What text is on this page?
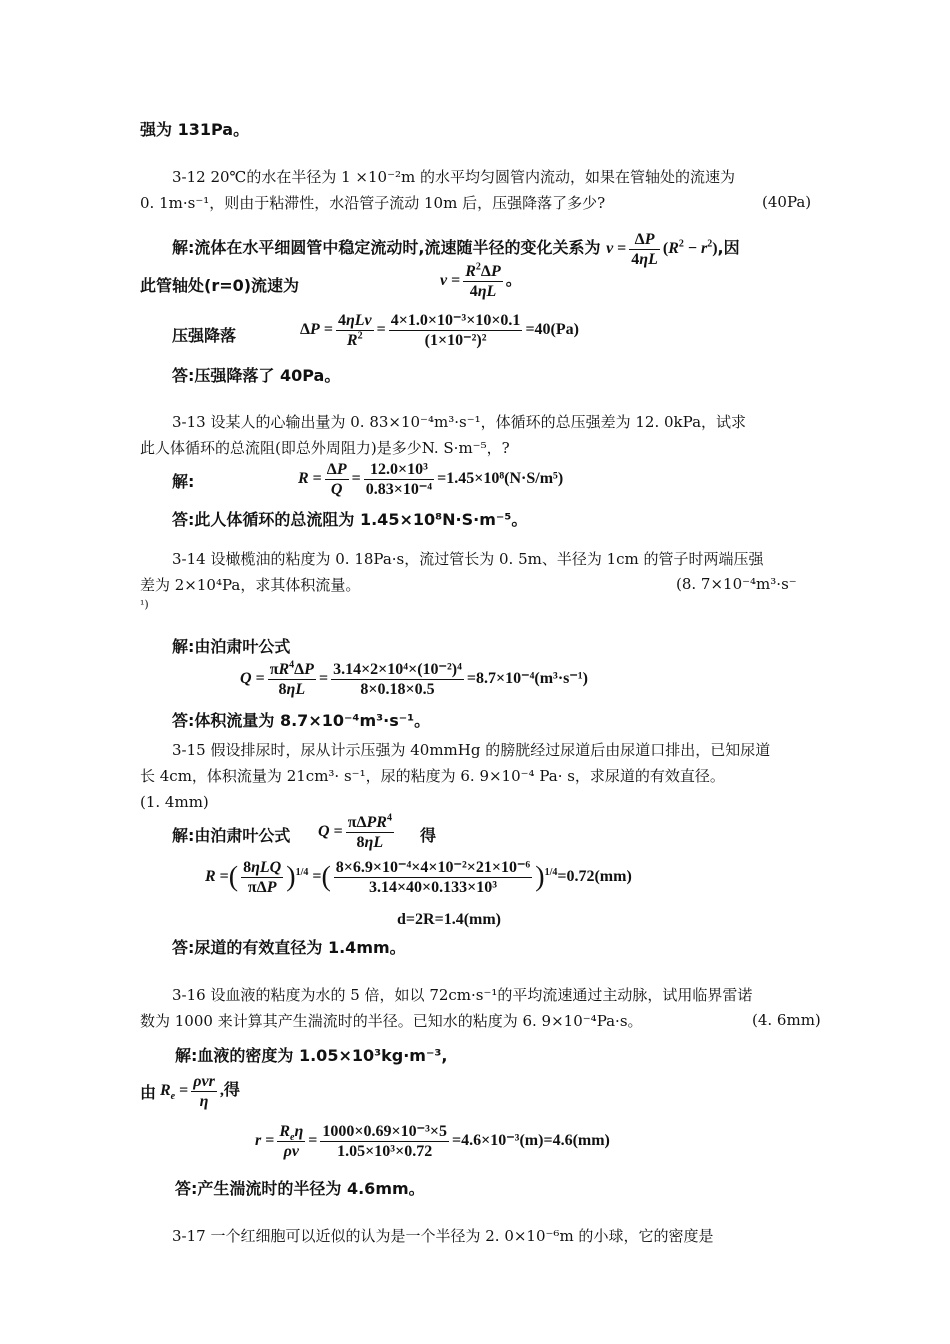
强为 131Pa。
3-12 20℃的水在半径为 1 ×10⁻²m 的水平均匀圆管内流动，如果在管轴处的流速为
0. 1m·s⁻¹，则由于粘滞性，水沿管子流动 10m 后，压强降落了多少?	(40Pa)
解:流体在水平细圆管中稳定流动时,流速随半径的变化关系为 $v = \frac{\Delta P}{4\eta L} (R^2 - r^2)$,因
此管轴处(r=0)流速为	$v = \frac{R^2\Delta P}{4\eta L}$ 。
压强降落	$\Delta P = \frac{\text{4ηLv}}{R^2} = \frac{\text{4×1.0×10⁻³×10×0.1}}{\text{(1×10⁻²)²}} =40(Pa)$
答:压强降落了 40Pa。
3-13 设某人的心输出量为 0. 83×10⁻⁴m³·s⁻¹，体循环的总压强差为 12. 0kPa，试求
此人体循环的总流阻(即总外周阻力)是多少N. S·m⁻⁵，?
解:	$R = \frac{\Delta P}{Q} = \frac{\text{12.0×10³}}{\text{0.83×10⁻⁴}} =1.45\times 10^8(N\cdot S/m^5)$
答:此人体循环的总流阻为 1.45×10⁸N·S·m⁻⁵。
3-14 设橄榄油的粘度为 0. 18Pa·s，流过管长为 0. 5m、半径为 1cm 的管子时两端压强
差为 2×10⁴Pa，求其体积流量。	(8. 7×10⁻⁴m³·s⁻
¹)
解:由泊肃叶公式
$Q = \frac{\pi R^4\Delta P}{8\eta L} = \frac{\text{3.14×2×10⁴×(10⁻²)⁴}}{8\times 0.18\times 0.5} =8.7\times 10^{-4}(m^3\cdot s^{-1})$
答:体积流量为 8.7×10⁻⁴m³·s⁻¹。
3-15 假设排尿时，尿从计示压强为 40mmHg 的膀胱经过尿道后由尿道口排出，已知尿道
长 4cm，体积流量为 21cm³· s⁻¹，尿的粘度为 6. 9×10⁻⁴ Pa· s，求尿道的有效直径。
(1. 4mm)
解:由泊肃叶公式 $Q = \frac{\pi\Delta PR^4}{8\eta L}$ 得
R =( $\frac{\text{8ηLQ}}{\text{πΔP}} )^{1/4}$ =( $\frac{\text{8×6.9×10⁻⁴×4×10⁻²×21×10⁻⁶}}{\text{3.14×40×0.133×10³}} )^{1/4}=0.72(mm)$
d=2R=1.4(mm)
答:尿道的有效直径为 1.4mm。
3-16 设血液的粘度为水的 5 倍，如以 72cm·s⁻¹的平均流速通过主动脉，试用临界雷诺
数为 1000 来计算其产生湍流时的半径。已知水的粘度为 6. 9×10⁻⁴Pa·s。	(4. 6mm)
解:血液的密度为 1.05×10³kg·m⁻³,
由 $R_e = \frac{\text{ρvr}}{\eta}$ ,得
$r = \frac{R_e\eta}{\rho v} = \frac{\text{1000×0.69×10⁻³×5}}{\text{1.05×10³×0.72}} =4.6\times 10^{-3}(m)=4.6(mm)$
答:产生湍流时的半径为 4.6mm。
3-17 一个红细胞可以近似的认为是一个半径为 2. 0×10⁻⁶m 的小球，它的密度是
